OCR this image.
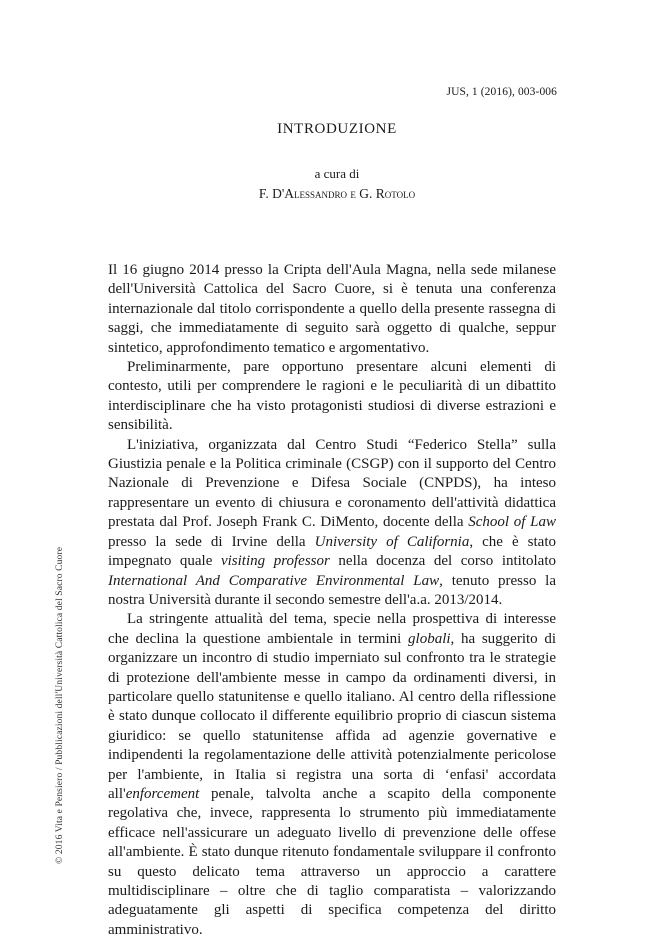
JUS, 1 (2016), 003-006
INTRODUZIONE
a cura di
F. D'Alessandro e G. Rotolo

Il 16 giugno 2014 presso la Cripta dell'Aula Magna, nella sede milanese dell'Università Cattolica del Sacro Cuore, si è tenuta una conferenza internazionale dal titolo corrispondente a quello della presente rassegna di saggi, che immediatamente di seguito sarà oggetto di qualche, seppur sintetico, approfondimento tematico e argomentativo.

Preliminarmente, pare opportuno presentare alcuni elementi di contesto, utili per comprendere le ragioni e le peculiarità di un dibattito interdisciplinare che ha visto protagonisti studiosi di diverse estrazioni e sensibilità.

L'iniziativa, organizzata dal Centro Studi “Federico Stella” sulla Giustizia penale e la Politica criminale (CSGP) con il supporto del Centro Nazionale di Prevenzione e Difesa Sociale (CNPDS), ha inteso rappresentare un evento di chiusura e coronamento dell'attività didattica prestata dal Prof. Joseph Frank C. DiMento, docente della School of Law presso la sede di Irvine della University of California, che è stato impegnato quale visiting professor nella docenza del corso intitolato International And Comparative Environmental Law, tenuto presso la nostra Università durante il secondo semestre dell'a.a. 2013/2014.

La stringente attualità del tema, specie nella prospettiva di interesse che declina la questione ambientale in termini globali, ha suggerito di organizzare un incontro di studio imperniato sul confronto tra le strategie di protezione dell'ambiente messe in campo da ordinamenti diversi, in particolare quello statunitense e quello italiano. Al centro della riflessione è stato dunque collocato il differente equilibrio proprio di ciascun sistema giuridico: se quello statunitense affida ad agenzie governative e indipendenti la regolamentazione delle attività potenzialmente pericolose per l'ambiente, in Italia si registra una sorta di ‘enfasi' accordata all'enforcement penale, talvolta anche a scapito della componente regolativa che, invece, rappresenta lo strumento più immediatamente efficace nell'assicurare un adeguato livello di prevenzione delle offese all'ambiente. È stato dunque ritenuto fondamentale sviluppare il confronto su questo delicato tema attraverso un approccio a carattere multidisciplinare – oltre che di taglio comparatista – valorizzando adeguatamente gli aspetti di specifica competenza del diritto amministrativo.

© 2016 Vita e Pensiero / Pubblicazioni dell'Università Cattolica del Sacro Cuore
